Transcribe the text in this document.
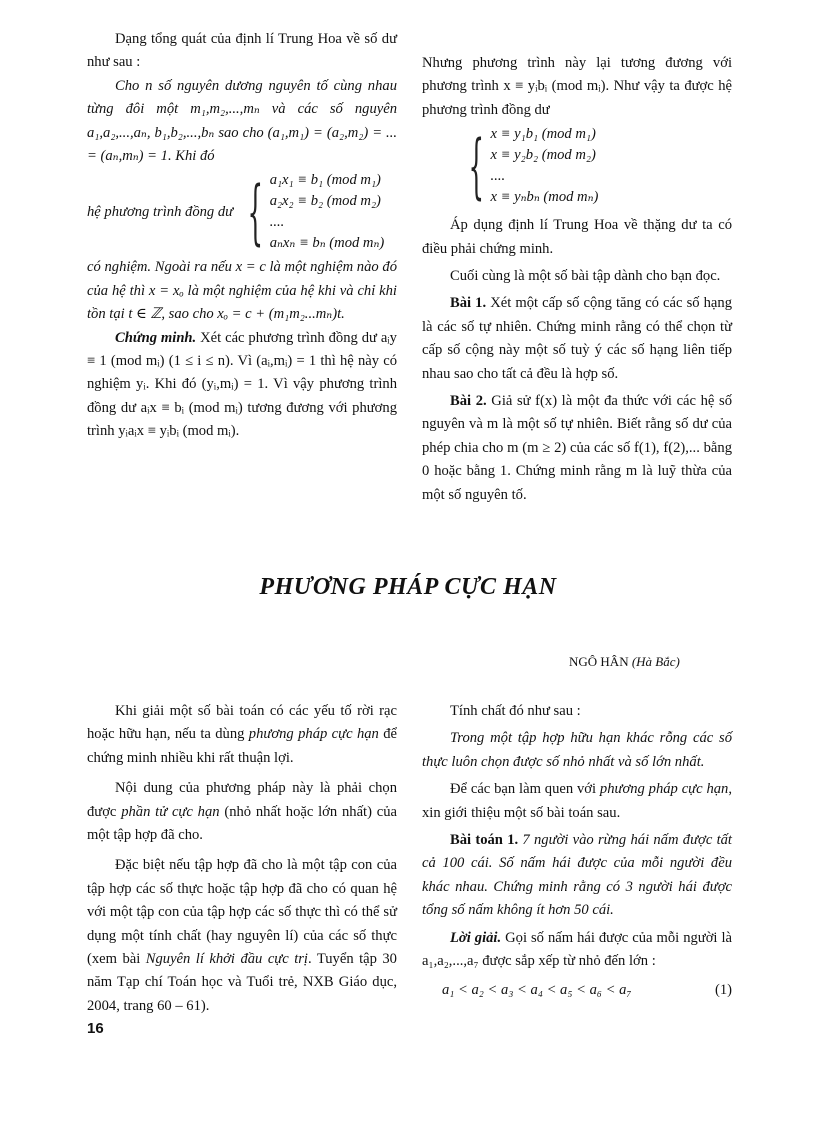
Dạng tổng quát của định lí Trung Hoa về số dư như sau :

Cho n số nguyên dương nguyên tố cùng nhau từng đôi một m₁,m₂,...,mₙ và các số nguyên a₁,a₂,...,aₙ, b₁,b₂,...,bₙ sao cho (a₁,m₁) = (a₂,m₂) = ... = (aₙ,mₙ) = 1. Khi đó

hệ phương trình đồng dư { a₁x₁ ≡ b₁ (mod m₁)
a₂x₂ ≡ b₂ (mod m₂)
....
aₙxₙ ≡ bₙ (mod mₙ)

có nghiệm. Ngoài ra nếu x = c là một nghiệm nào đó của hệ thì x = xₒ là một nghiệm của hệ khi và chỉ khi tồn tại t ∈ ℤ, sao cho xₒ = c + (m₁m₂...mₙ)t.

Chứng minh. Xét các phương trình đồng dư aᵢy ≡ 1 (mod mᵢ) (1 ≤ i ≤ n). Vì (aᵢ,mᵢ) = 1 thì hệ này có nghiệm yᵢ. Khi đó (yᵢ,mᵢ) = 1. Vì vậy phương trình đồng dư aᵢx ≡ bᵢ (mod mᵢ) tương đương với phương trình yᵢaᵢx ≡ yᵢbᵢ (mod mᵢ).

Nhưng phương trình này lại tương đương với phương trình x ≡ yᵢbᵢ (mod mᵢ). Như vậy ta được hệ phương trình đồng dư

{ x ≡ y₁b₁ (mod m₁)
x ≡ y₂b₂ (mod m₂)
....
x ≡ yₙbₙ (mod mₙ)

Áp dụng định lí Trung Hoa về thặng dư ta có điều phải chứng minh.

Cuối cùng là một số bài tập dành cho bạn đọc.

Bài 1. Xét một cấp số cộng tăng có các số hạng là các số tự nhiên. Chứng minh rằng có thể chọn từ cấp số cộng này một số tuỳ ý các số hạng liên tiếp nhau sao cho tất cả đều là hợp số.

Bài 2. Giả sử f(x) là một đa thức với các hệ số nguyên và m là một số tự nhiên. Biết rằng số dư của phép chia cho m (m ≥ 2) của các số f(1), f(2),... bằng 0 hoặc bằng 1. Chứng minh rằng m là luỹ thừa của một số nguyên tố.

PHƯƠNG PHÁP CỰC HẠN
NGÔ HÂN (Hà Bắc)

Khi giải một số bài toán có các yếu tố rời rạc hoặc hữu hạn, nếu ta dùng phương pháp cực hạn để chứng minh nhiều khi rất thuận lợi.

Nội dung của phương pháp này là phải chọn được phần tử cực hạn (nhỏ nhất hoặc lớn nhất) của một tập hợp đã cho.

Đặc biệt nếu tập hợp đã cho là một tập con của tập hợp các số thực hoặc tập hợp đã cho có quan hệ với một tập con của tập hợp các số thực thì có thể sử dụng một tính chất (hay nguyên lí) của các số thực (xem bài Nguyên lí khởi đầu cực trị. Tuyển tập 30 năm Tạp chí Toán học và Tuổi trẻ, NXB Giáo dục, 2004, trang 60 – 61).

Tính chất đó như sau :

Trong một tập hợp hữu hạn khác rỗng các số thực luôn chọn được số nhỏ nhất và số lớn nhất.

Để các bạn làm quen với phương pháp cực hạn, xin giới thiệu một số bài toán sau.

Bài toán 1. 7 người vào rừng hái nấm được tất cả 100 cái. Số nấm hái được của mỗi người đều khác nhau. Chứng minh rằng có 3 người hái được tổng số nấm không ít hơn 50 cái.

Lời giải. Gọi số nấm hái được của mỗi người là a₁,a₂,...,a₇ được sắp xếp từ nhỏ đến lớn :

a₁ < a₂ < a₃ < a₄ < a₅ < a₆ < a₇	(1)
16
